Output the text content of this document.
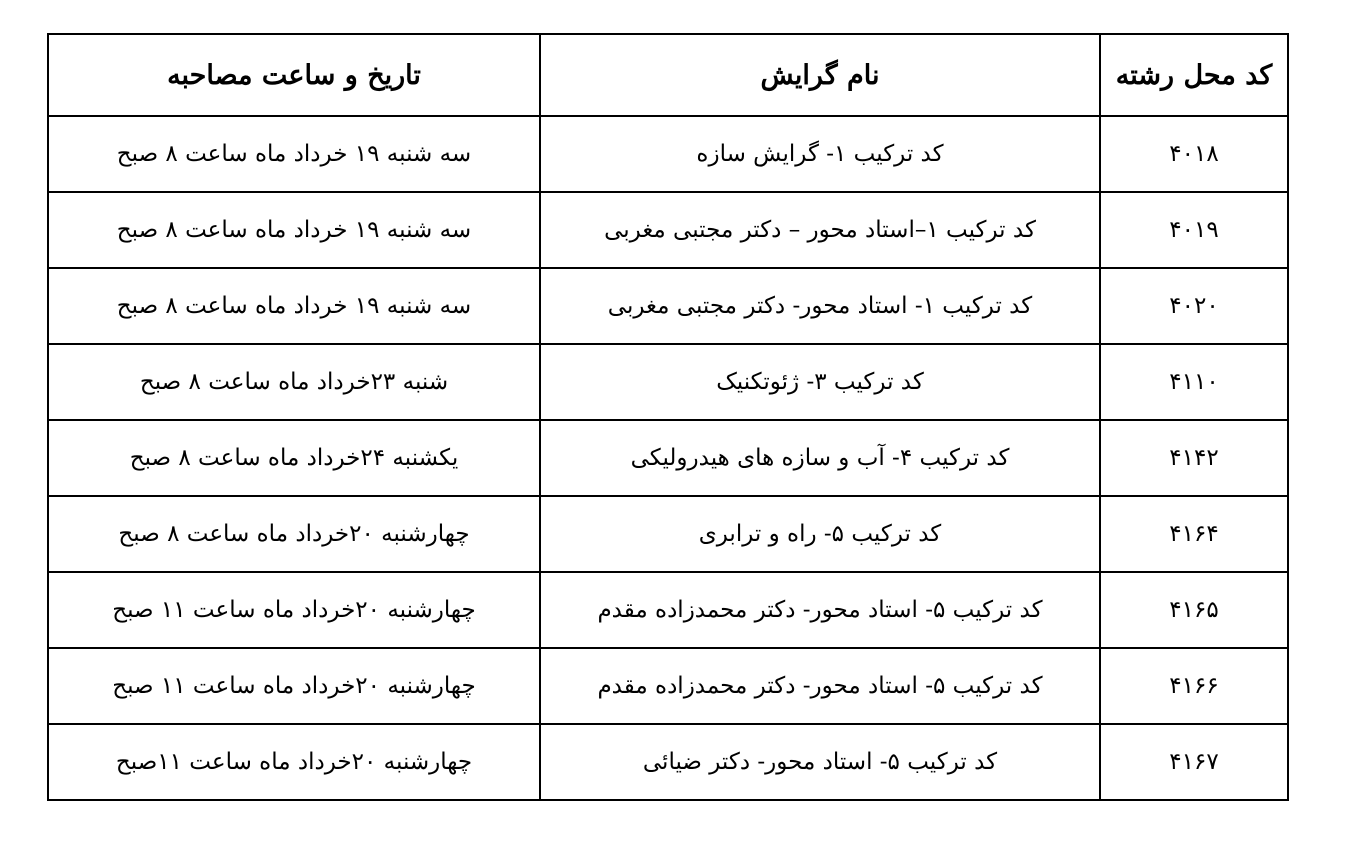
کد محل رشته	نام گرایش	تاریخ و ساعت مصاحبه
۴۰۱۸	کد ترکیب ۱- گرایش سازه	سه شنبه ۱۹ خرداد ماه ساعت ۸ صبح
۴۰۱۹	کد ترکیب ۱–استاد محور – دکتر مجتبی مغربی	سه شنبه ۱۹ خرداد ماه ساعت ۸ صبح
۴۰۲۰	کد ترکیب ۱- استاد محور- دکتر مجتبی مغربی	سه شنبه ۱۹ خرداد ماه ساعت ۸ صبح
۴۱۱۰	کد ترکیب ۳- ژئوتکنیک	شنبه ۲۳خرداد ماه ساعت ۸ صبح
۴۱۴۲	کد ترکیب ۴- آب و سازه های هیدرولیکی	یکشنبه ۲۴خرداد ماه ساعت ۸ صبح
۴۱۶۴	کد ترکیب ۵- راه و ترابری	چهارشنبه ۲۰خرداد ماه ساعت ۸ صبح
۴۱۶۵	کد ترکیب ۵- استاد محور- دکتر محمدزاده مقدم	چهارشنبه ۲۰خرداد ماه ساعت ۱۱ صبح
۴۱۶۶	کد ترکیب ۵- استاد محور- دکتر محمدزاده مقدم	چهارشنبه ۲۰خرداد ماه ساعت ۱۱ صبح
۴۱۶۷	کد ترکیب ۵- استاد محور- دکتر ضیائی	چهارشنبه ۲۰خرداد ماه ساعت ۱۱صبح
